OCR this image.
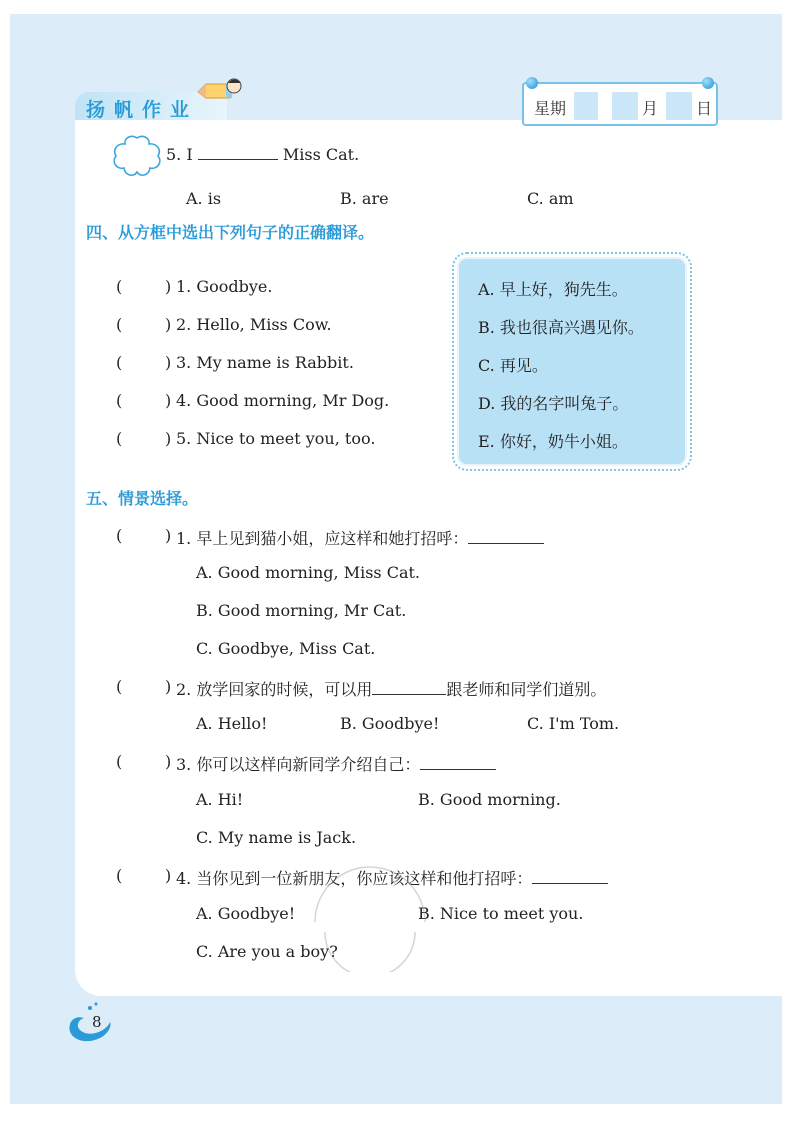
扬帆作业	星期	月 日
5. I	Miss Cat.
A. is	B. are	C. am
四、从方框中选出下列句子的正确翻译。
(	) 1. Goodbye.
(	) 2. Hello, Miss Cow.
(	) 3. My name is Rabbit.
(	) 4. Good morning, Mr Dog.
(	) 5. Nice to meet you, too.
A. 早上好，狗先生。
B. 我也很高兴遇见你。
C. 再见。
D. 我的名字叫兔子。
E. 你好，奶牛小姐。
五、情景选择。
(	) 1. 早上见到猫小姐，应这样和她打招呼：
A. Good morning, Miss Cat.
B. Good morning, Mr Cat.
C. Goodbye, Miss Cat.
(	) 2. 放学回家的时候，可以用	跟老师和同学们道别。
A. Hello!	B. Goodbye!	C. I'm Tom.
(	) 3. 你可以这样向新同学介绍自己：
A. Hi!	B. Good morning.
C. My name is Jack.
(	) 4. 当你见到一位新朋友，你应该这样和他打招呼：
A. Goodbye!	B. Nice to meet you.
C. Are you a boy?
8
